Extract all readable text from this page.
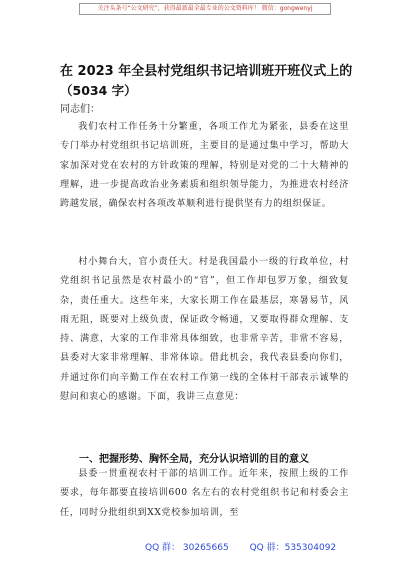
关注头条号“公文研究”，获得最新最全最专业的公文资料库！ 微信：gongwenyj
在 2023 年全县村党组织书记培训班开班仪式上的
（5034 字）
同志们：
我们农村工作任务十分繁重，各项工作尤为紧张，县委在这里专门举办村党组织书记培训班，主要目的是通过集中学习，帮助大家加深对党在农村的方针政策的理解，特别是对党的二十大精神的理解，进一步提高政治业务素质和组织领导能力，为推进农村经济跨越发展，确保农村各项改革顺利进行提供坚有力的组织保证。
村小舞台大，官小责任大。村是我国最小一级的行政单位，村党组织书记虽然是农村最小的“官”，但工作却包罗万象，细致复杂，责任重大。这些年来，大家长期工作在最基层，寒暑易节，风雨无阻，既要对上级负责，保证政令畅通，又要取得群众理解、支持、满意，大家的工作非常具体细致，也非常辛苦，非常不容易，县委对大家非常理解、非常体谅。借此机会，我代表县委向你们，并通过你们向辛勤工作在农村工作第一线的全体村干部表示诚挚的慰问和衷心的感谢。下面，我讲三点意见：
一、把握形势、胸怀全局，充分认识培训的目的意义
县委一贯重视农村干部的培训工作。近年来，按照上级的工作要求，每年都要直接培训600 名左右的农村党组织书记和村委会主任，同时分批组织到XX党校参加培训，至
QQ 群： 30265665 QQ 群：535304092
